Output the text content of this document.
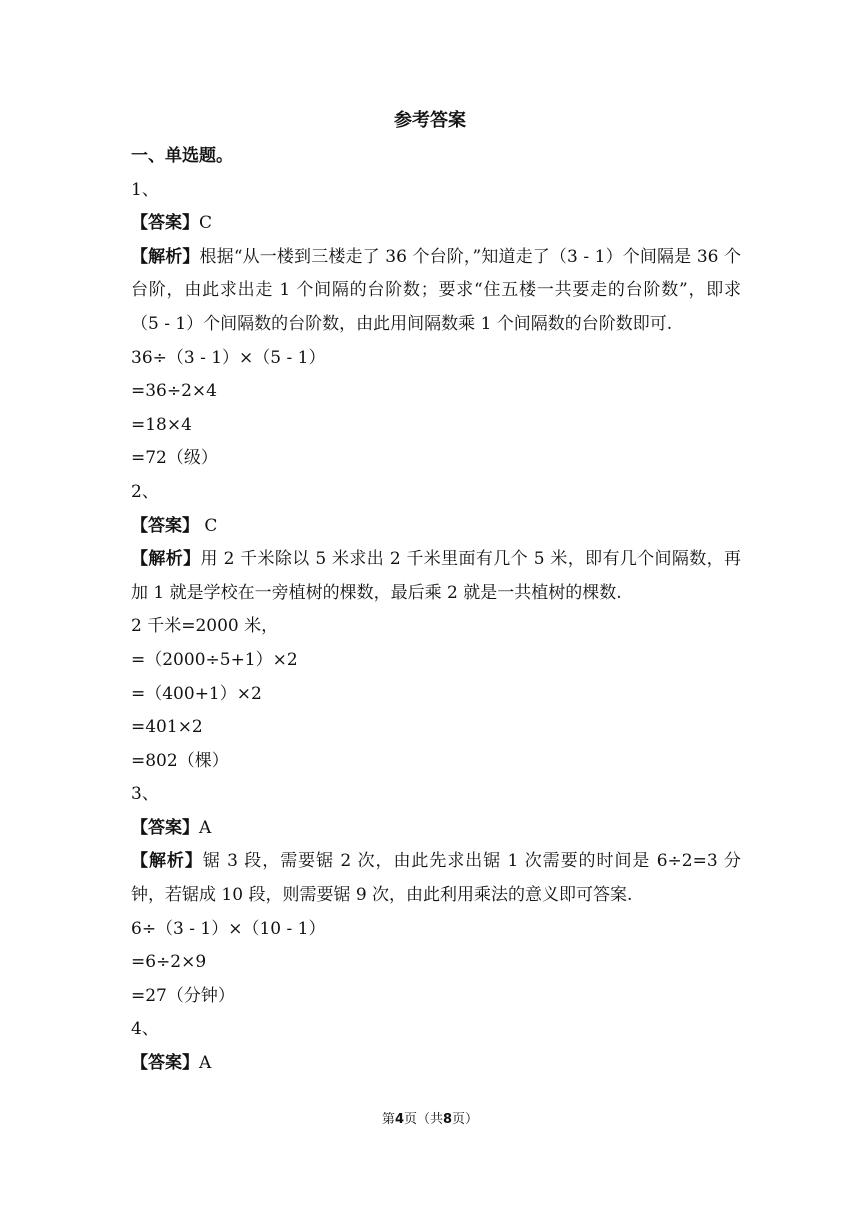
参考答案

一、单选题。

1、

【答案】C

【解析】根据“从一楼到三楼走了 36 个台阶，”知道走了（3 - 1）个间隔是 36 个台阶，由此求出走 1 个间隔的台阶数；要求“住五楼一共要走的台阶数”，即求（5 - 1）个间隔数的台阶数，由此用间隔数乘 1 个间隔数的台阶数即可.

36÷（3 - 1）×（5 - 1）

=36÷2×4

=18×4

=72（级）

2、

【答案】 C

【解析】用 2 千米除以 5 米求出 2 千米里面有几个 5 米，即有几个间隔数，再加 1 就是学校在一旁植树的棵数，最后乘 2 就是一共植树的棵数.

2 千米=2000 米，

=（2000÷5+1）×2

=（400+1）×2

=401×2

=802（棵）

3、

【答案】A

【解析】锯 3 段，需要锯 2 次，由此先求出锯 1 次需要的时间是 6÷2=3 分钟，若锯成 10 段，则需要锯 9 次，由此利用乘法的意义即可答案.

6÷（3 - 1）×（10 - 1）

=6÷2×9

=27（分钟）

4、

【答案】A

第4页（共8页）
